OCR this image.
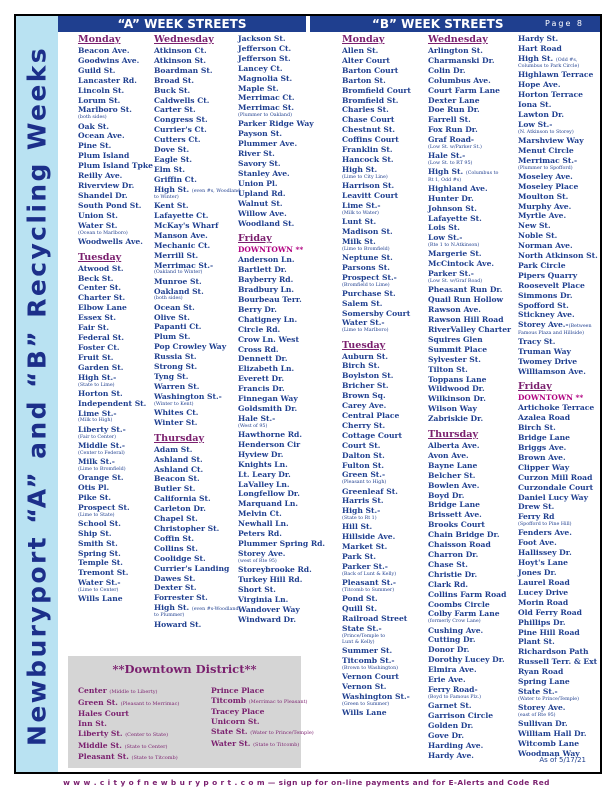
Newburyport “A” and “B” Recycling Weeks
“A” WEEK STREETS	“B” WEEK STREETS	Page 8
Monday
Beacon Ave.
Goodwins Ave.
Guild St.
Lancaster Rd.
Lincoln St.
Lorum St.
Marlboro St.
(both sides)
Oak St.
Ocean Ave.
Pine St.
Plum Island
Plum Island Tpke
Reilly Ave.
Riverview Dr.
Shandel Dr.
South Pond St.
Union St.
Water St.
(Ocean to Marlboro)
Woodwells Ave.
Tuesday
Atwood St.
Beck St.
Center St.
Charter St.
Elbow Lane
Essex St.
Fair St.
Federal St.
Foster Ct.
Fruit St.
Garden St.
High St.-
(State to Lime)
Horton St.
Independent St.
Lime St.-
(Milk to High)
Liberty St.-
(Fair to Center)
Middle St.-
(Center to Federal)
Milk St.-
(Lime to Bromfield)
Orange St.
Otis Pl.
Pike St.
Prospect St.
(Lime to State)
School St.
Ship St.
Smith St.
Spring St.
Temple St.
Tremont St.
Water St.-
(Lime to Center)
Wills Lane
Wednesday
Atkinson Ct.
Atkinson St.
Boardman St.
Broad St.
Buck St.
Caldwells Ct.
Carter St.
Congress St.
Currier's Ct.
Cutters Ct.
Dove St.
Eagle St.
Elm St.
Griffin Ct.
High St. (even #s, Woodland
to Winter)
Kent St.
Lafayette Ct.
McKay's Wharf
Manson Ave.
Mechanic Ct.
Merrill St.
Merrimac St.-
(Oakland to Winter)
Munroe St.
Oakland St.
(both sides)
Ocean St.
Olive St.
Papanti Ct.
Plum St.
Pop Crowley Way
Russia St.
Strong St.
Tyng St.
Warren St.
Washington St.-
(Winter to Kent)
Whites Ct.
Winter St.
Thursday
Adam St.
Ashland St.
Ashland Ct.
Beacon St.
Butler St.
California St.
Carleton Dr.
Chapel St.
Christopher St.
Coffin St.
Collins St.
Coolidge St.
Currier's Landing
Dawes St.
Dexter St.
Forrester St.
High St. (even #s-Woodland
to Plummer)
Howard St.
Jackson St.
Jefferson Ct.
Jefferson St.
Lancey Ct.
Magnolia St.
Maple St.
Merrimac Ct.
Merrimac St.
(Plummer to Oakland)
Parker Ridge Way
Payson St.
Plummer Ave.
River St.
Savory St.
Stanley Ave.
Union Pl.
Upland Rd.
Walnut St.
Willow Ave.
Woodland St.
Friday
DOWNTOWN **
Anderson Ln.
Bartlett Dr.
Bayberry Rd.
Bradbury Ln.
Bourbeau Terr.
Berry Dr.
Chatigney Ln.
Circle Rd.
Crow Ln. West
Cross Rd.
Dennett Dr.
Elizabeth Ln.
Everett Dr.
Francis Dr.
Finnegan Way
Goldsmith Dr.
Hale St.-
(West of 95)
Hawthorne Rd.
Henderson Cir
Hyview Dr.
Knights Ln.
Lt. Leary Dr.
LaValley Ln.
Longfellow Dr.
Marquand Ln.
Melvin Ct.
Newhall Ln.
Peters Rd.
Plummer Spring Rd.
Storey Ave.
(west of Rte 95)
Storeybrooke Rd.
Turkey Hill Rd.
Short St.
Virginia Ln.
Wandover Way
Windward Dr.
Monday
Allen St.
Alter Court
Barton Court
Barton St.
Bromfield Court
Bromfield St.
Charles St.
Chase Court
Chestnut St.
Coffins Court
Franklin St.
Hancock St.
High St.
(Lime to City Line)
Harrison St.
Leavitt Court
Lime St.-
(Milk to Water)
Lunt St.
Madison St.
Milk St.
(Lime to Bromfield)
Neptune St.
Parsons St.
Prospect St.-
(Bromfield to Lime)
Purchase St.
Salem St.
Somersby Court
Water St.-
(Lime to Marlboro)
Tuesday
Auburn St.
Birch St.
Boylston St.
Bricher St.
Brown Sq.
Carey Ave.
Central Place
Cherry St.
Cottage Court
Court St.
Dalton St.
Fulton St.
Green St.-
(Pleasant to High)
Greenleaf St.
Harris St.
High St.-
(State to Rt 1)
Hill St.
Hillside Ave.
Market St.
Park St.
Parker St.-
(Back of Lunt & Kelly)
Pleasant St.-
(Titcomb to Summer)
Pond St.
Quill St.
Railroad Street
State St.-
(Prince/Temple to
Lunt & Kelly)
Summer St.
Titcomb St.-
(Brown to Washington)
Vernon Court
Vernon St.
Washington St.-
(Green to Summer)
Wills Lane
Wednesday
Arlington St.
Charmanski Dr.
Colin Dr.
Columbus Ave.
Court Farm Lane
Dexter Lane
Doe Run Dr.
Farrell St.
Fox Run Dr.
Graf Road-
(Low St. w/Parker St.)
Hale St.-
(Low St. to RT 95)
High St. (Columbus to
Rt 1, Odd #s)
Highland Ave.
Hunter Dr.
Johnson St.
Lafayette St.
Lois St.
Low St.-
(Rte 1 to N.Atkinson)
Margerie St.
McCintock Ave.
Parker St.-
(Low St. w/Graf Road)
Pheasant Run Dr.
Quail Run Hollow
Rawson Ave.
Rawson Hill Road
RiverValley Charter
Squires Glen
Summit Place
Sylvester St.
Tilton St.
Toppans Lane
Wildwood Dr.
Wilkinson Dr.
Wilson Way
Zabriskie Dr.
Thursday
Alberta Ave.
Avon Ave.
Bayne Lane
Belcher St.
Bowlen Ave.
Boyd Dr.
Bridge Lane
Brissett Ave.
Brooks Court
Chain Bridge Dr.
Chaisson Road
Charron Dr.
Chase St.
Christie Dr.
Clark Rd.
Collins Farm Road
Coombs Circle
Colby Farm Lane
(formerly Crow Lane)
Cushing Ave.
Cutting Dr.
Donor Dr.
Dorothy Lucey Dr.
Elmira Ave.
Erie Ave.
Ferry Road-
(Boyd to Famous Plz.)
Garnet St.
Garrison Circle
Golden Dr.
Gove Dr.
Harding Ave.
Hardy Ave.
Hardy St.
Hart Road
High St. (Odd #s,
Columbus to Park Circle)
Highlawn Terrace
Hope Ave.
Horton Terrace
Iona St.
Lawton Dr.
Low St.-
(N. Atkinson to Storey)
Marshview Way
Menut Circle
Merrimac St.-
(Plummer to Spofford)
Moseley Ave.
Moseley Place
Moulton St.
Murphy Ave.
Myrtle Ave.
New St.
Noble St.
Norman Ave.
North Atkinson St.
Park Circle
Pipers Quarry
Roosevelt Place
Simmons Dr.
Spofford St.
Stickney Ave.
Storey Ave.-(Between
Famous Plaza and Hillside)
Tracy St.
Truman Way
Twomey Drive
Williamson Ave.
Friday
DOWNTOWN **
Artichoke Terrace
Azalea Road
Birch St.
Bridge Lane
Briggs Ave.
Brown Ave.
Clipper Way
Curzon Mill Road
Curzondale Court
Daniel Lucy Way
Drew St.
Ferry Rd
(Spofford to Pine Hill)
Fenders Ave.
Foot Ave.
Hallissey Dr.
Hoyt's Lane
Jones Dr.
Laurel Road
Lucey Drive
Morin Road
Old Ferry Road
Phillips Dr.
Pine Hill Road
Plant St.
Richardson Path
Russell Terr. & Ext
Ryan Road
Spring Lane
State St.-
(Water to Prince/Temple)
Storey Ave.
(east of Rte 95)
Sullivan Dr.
William Hall Dr.
Witcomb Lane
Woodman Way
**Downtown District**
Center (Middle to Liberty)
Green St. (Pleasant to Merrimac)
Hales Court
Inn St.
Liberty St. (Center to State)
Middle St. (State to Center)
Pleasant St. (State to Titcomb)
Prince Place
Titcomb (Merrimac to Pleasant)
Tracey Place
Unicorn St.
State St. (Water to Prince/Temple)
Water St. (State to Titcomb)
As of 5/17/21
w w w . c i t y o f n e w b u r y p o r t . c o m — sign up for on-line payments and for E-Alerts and Code Red
